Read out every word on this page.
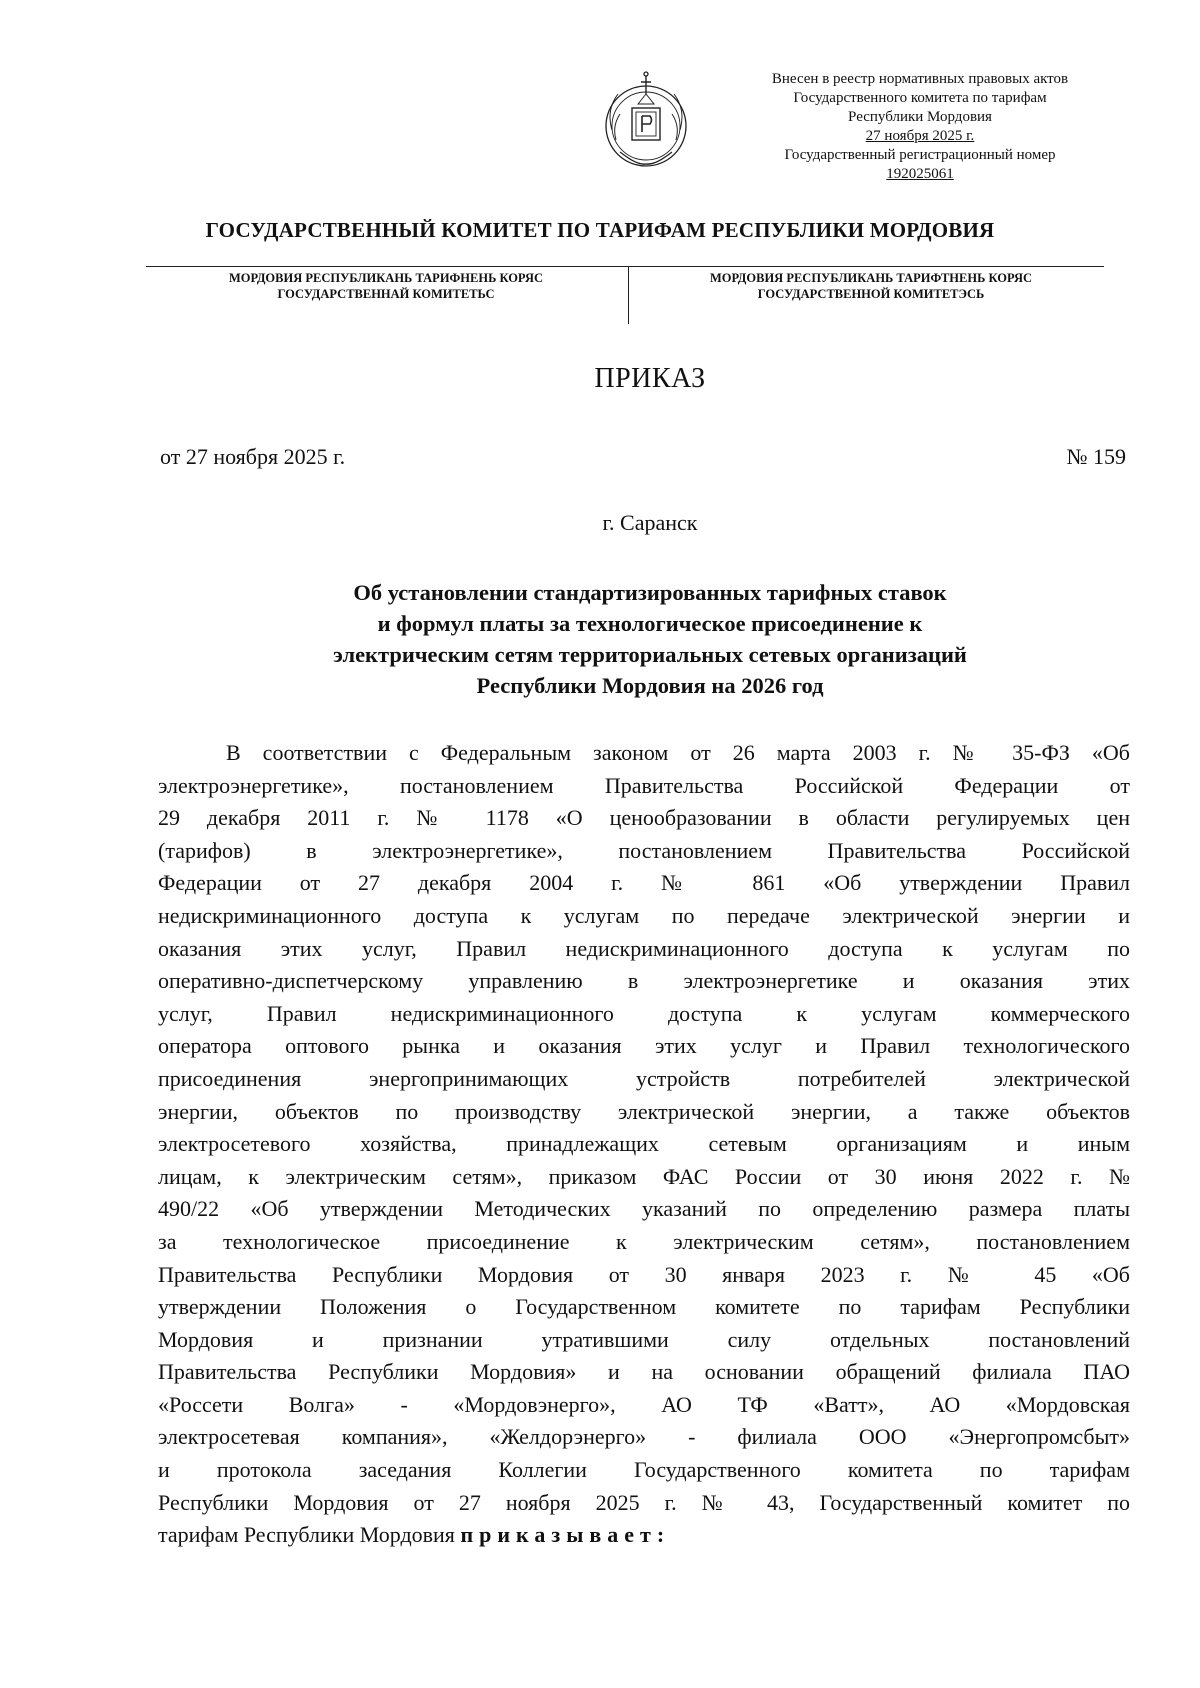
Внесен в реестр нормативных правовых актов
Государственного комитета по тарифам
Республики Мордовия
27 ноября 2025 г.
Государственный регистрационный номер
192025061
ГОСУДАРСТВЕННЫЙ КОМИТЕТ ПО ТАРИФАМ РЕСПУБЛИКИ МОРДОВИЯ
МОРДОВИЯ РЕСПУБЛИКАНЬ ТАРИФНЕНЬ КОРЯС
ГОСУДАРСТВЕННАЙ КОМИТЕТЬС
МОРДОВИЯ РЕСПУБЛИКАНЬ ТАРИФТНЕНЬ КОРЯС
ГОСУДАРСТВЕННОЙ КОМИТЕТЭСЬ
ПРИКАЗ
от 27 ноября 2025 г.	№ 159
г. Саранск
Об установлении стандартизированных тарифных ставок
и формул платы за технологическое присоединение к
электрическим сетям территориальных сетевых организаций
Республики Мордовия на 2026 год
В соответствии с Федеральным законом от 26 марта 2003 г. № 35-ФЗ «Об
электроэнергетике», постановлением Правительства Российской Федерации от
29 декабря 2011 г. № 1178 «О ценообразовании в области регулируемых цен
(тарифов) в электроэнергетике», постановлением Правительства Российской
Федерации от 27 декабря 2004 г. № 861 «Об утверждении Правил
недискриминационного доступа к услугам по передаче электрической энергии и
оказания этих услуг, Правил недискриминационного доступа к услугам по
оперативно-диспетчерскому управлению в электроэнергетике и оказания этих
услуг, Правил недискриминационного доступа к услугам коммерческого
оператора оптового рынка и оказания этих услуг и Правил технологического
присоединения энергопринимающих устройств потребителей электрической
энергии, объектов по производству электрической энергии, а также объектов
электросетевого хозяйства, принадлежащих сетевым организациям и иным
лицам, к электрическим сетям», приказом ФАС России от 30 июня 2022 г. №
490/22 «Об утверждении Методических указаний по определению размера платы
за технологическое присоединение к электрическим сетям», постановлением
Правительства Республики Мордовия от 30 января 2023 г. № 45 «Об
утверждении Положения о Государственном комитете по тарифам Республики
Мордовия и признании утратившими силу отдельных постановлений
Правительства Республики Мордовия» и на основании обращений филиала ПАО
«Россети Волга» - «Мордовэнерго», АО ТФ «Ватт», АО «Мордовская
электросетевая компания», «Желдорэнерго» - филиала ООО «Энергопромсбыт»
и протокола заседания Коллегии Государственного комитета по тарифам
Республики Мордовия от 27 ноября 2025 г. № 43, Государственный комитет по
тарифам Республики Мордовия приказывает:
